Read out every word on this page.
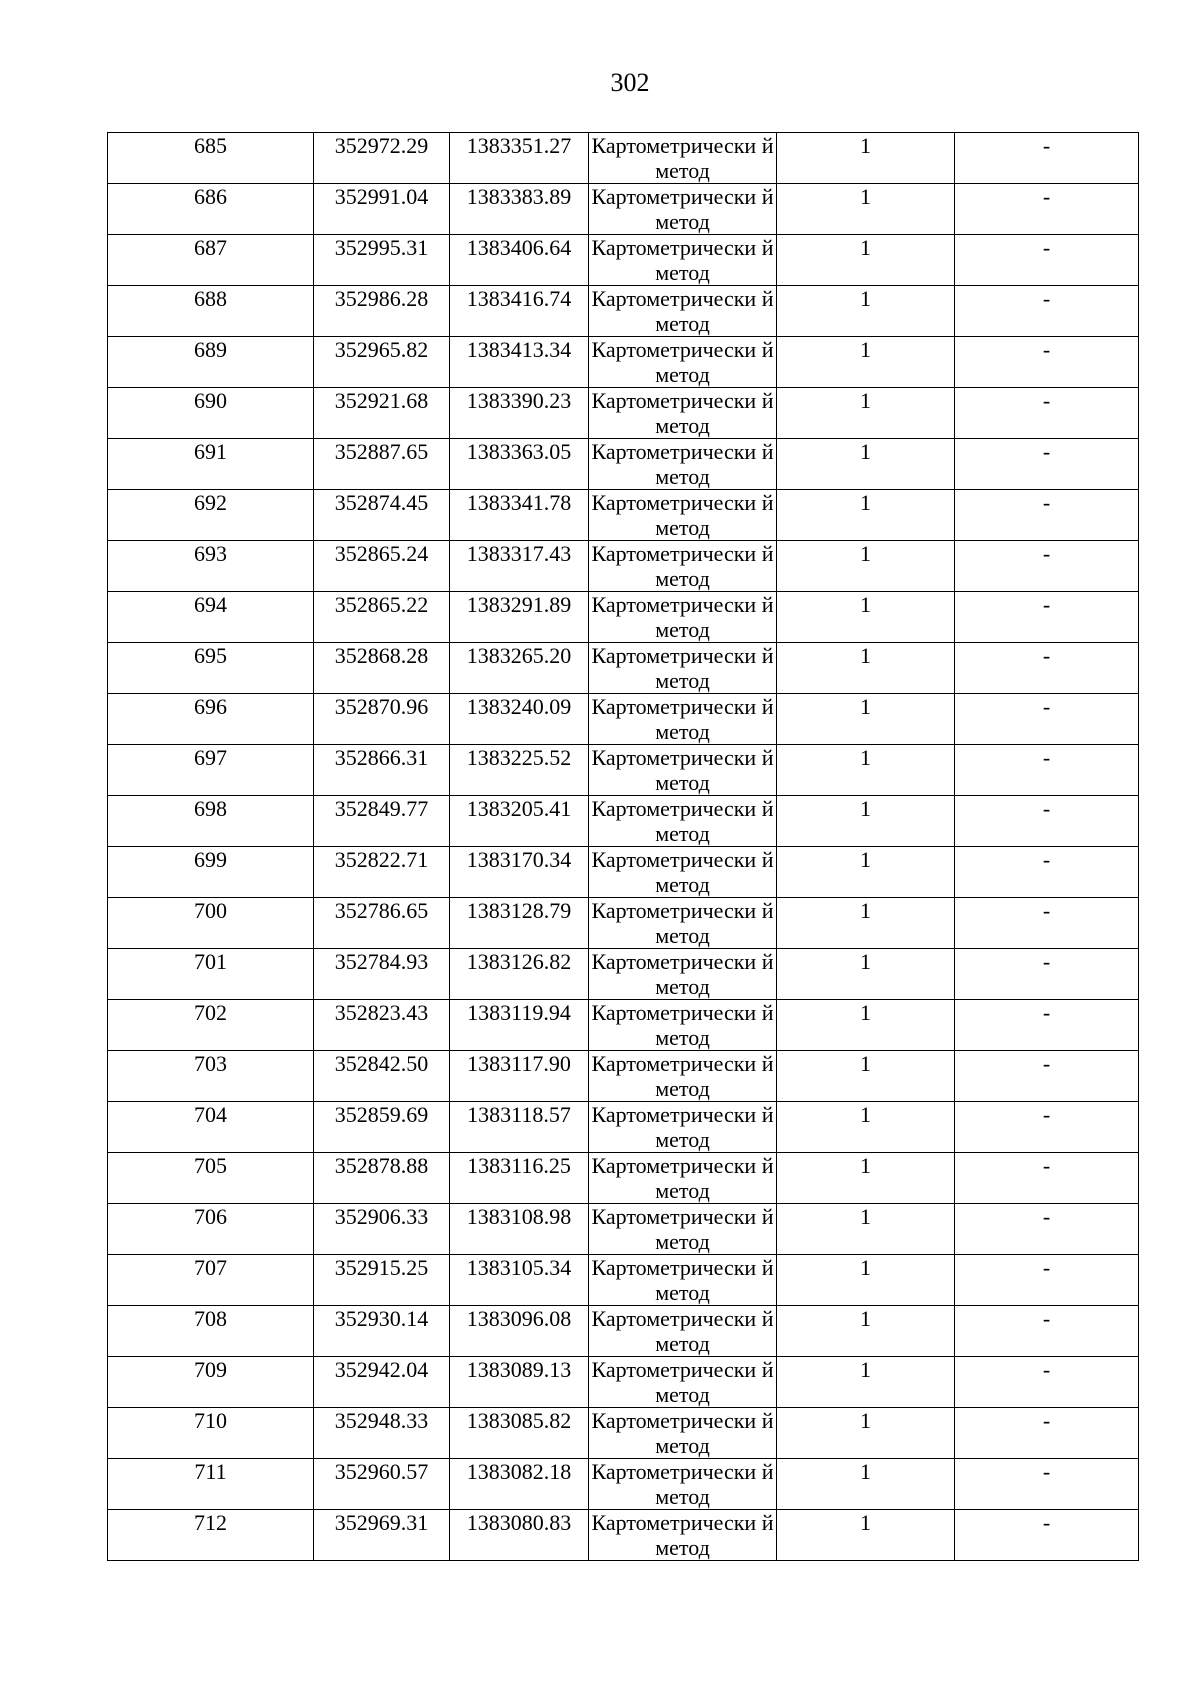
302
685	352972.29	1383351.27	Картометрически й метод	1	-

686	352991.04	1383383.89	Картометрически й метод	1	-

687	352995.31	1383406.64	Картометрически й метод	1	-

688	352986.28	1383416.74	Картометрически й метод	1	-

689	352965.82	1383413.34	Картометрически й метод	1	-

690	352921.68	1383390.23	Картометрически й метод	1	-

691	352887.65	1383363.05	Картометрически й метод	1	-

692	352874.45	1383341.78	Картометрически й метод	1	-

693	352865.24	1383317.43	Картометрически й метод	1	-

694	352865.22	1383291.89	Картометрически й метод	1	-

695	352868.28	1383265.20	Картометрически й метод	1	-

696	352870.96	1383240.09	Картометрически й метод	1	-

697	352866.31	1383225.52	Картометрически й метод	1	-

698	352849.77	1383205.41	Картометрически й метод	1	-

699	352822.71	1383170.34	Картометрически й метод	1	-

700	352786.65	1383128.79	Картометрически й метод	1	-

701	352784.93	1383126.82	Картометрически й метод	1	-

702	352823.43	1383119.94	Картометрически й метод	1	-

703	352842.50	1383117.90	Картометрически й метод	1	-

704	352859.69	1383118.57	Картометрически й метод	1	-

705	352878.88	1383116.25	Картометрически й метод	1	-

706	352906.33	1383108.98	Картометрически й метод	1	-

707	352915.25	1383105.34	Картометрически й метод	1	-

708	352930.14	1383096.08	Картометрически й метод	1	-

709	352942.04	1383089.13	Картометрически й метод	1	-

710	352948.33	1383085.82	Картометрически й метод	1	-

711	352960.57	1383082.18	Картометрически й метод	1	-

712	352969.31	1383080.83	Картометрически й метод	1	-
